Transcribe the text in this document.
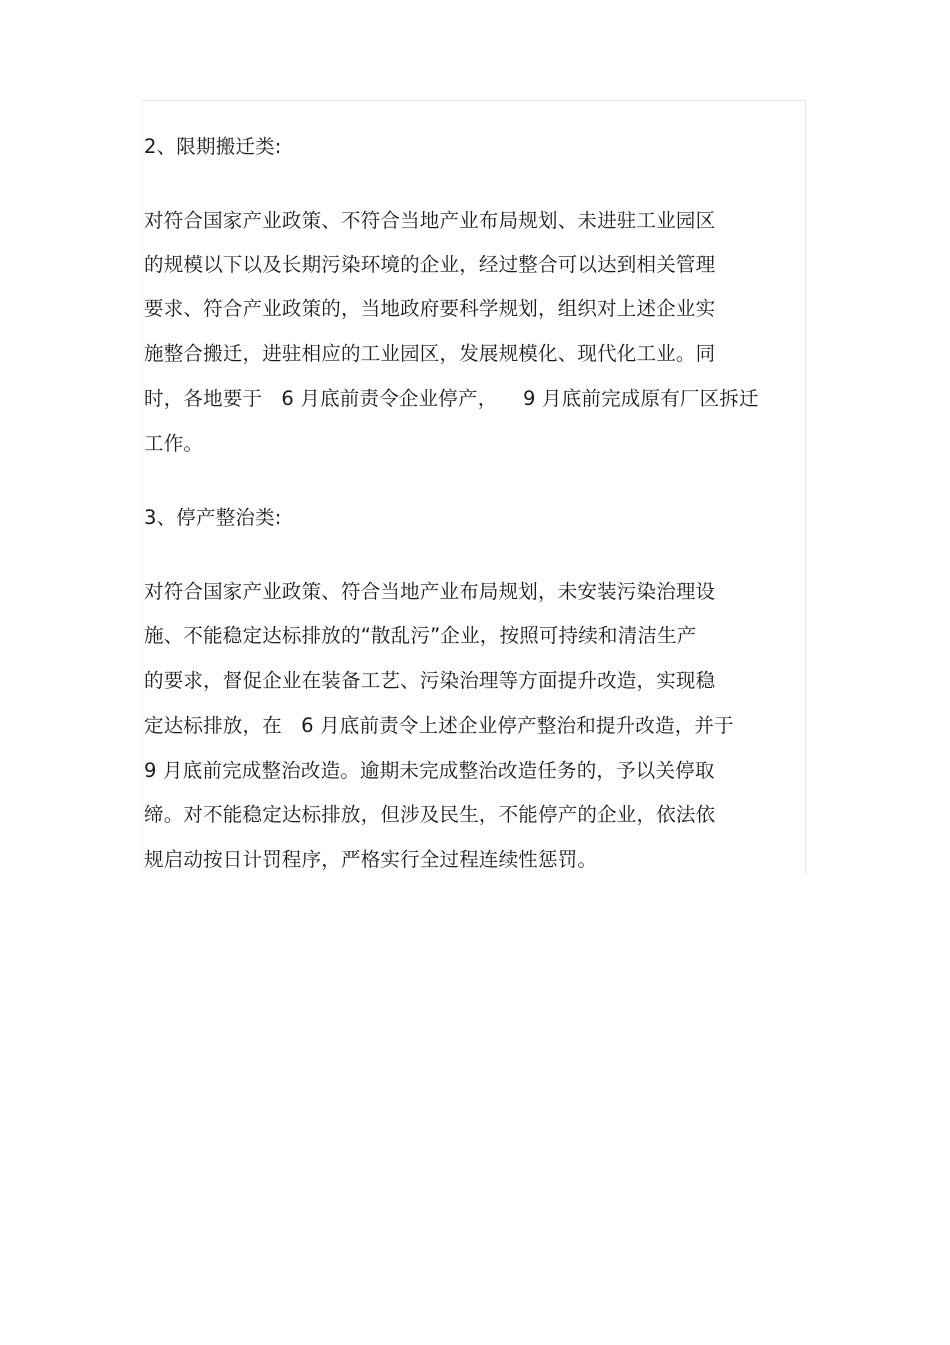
2、限期搬迁类:
对符合国家产业政策、不符合当地产业布局规划、未进驻工业园区
的规模以下以及长期污染环境的企业，经过整合可以达到相关管理
要求、符合产业政策的，当地政府要科学规划，组织对上述企业实
施整合搬迁，进驻相应的工业园区，发展规模化、现代化工业。同
时，各地要于   6 月底前责令企业停产，    9 月底前完成原有厂区拆迁
工作。
3、停产整治类:
对符合国家产业政策、符合当地产业布局规划，未安装污染治理设
施、不能稳定达标排放的“散乱污”企业，按照可持续和清洁生产
的要求，督促企业在装备工艺、污染治理等方面提升改造，实现稳
定达标排放，在   6 月底前责令上述企业停产整治和提升改造，并于
9 月底前完成整治改造。逾期未完成整治改造任务的，予以关停取
缔。对不能稳定达标排放，但涉及民生，不能停产的企业，依法依
规启动按日计罚程序，严格实行全过程连续性惩罚。
